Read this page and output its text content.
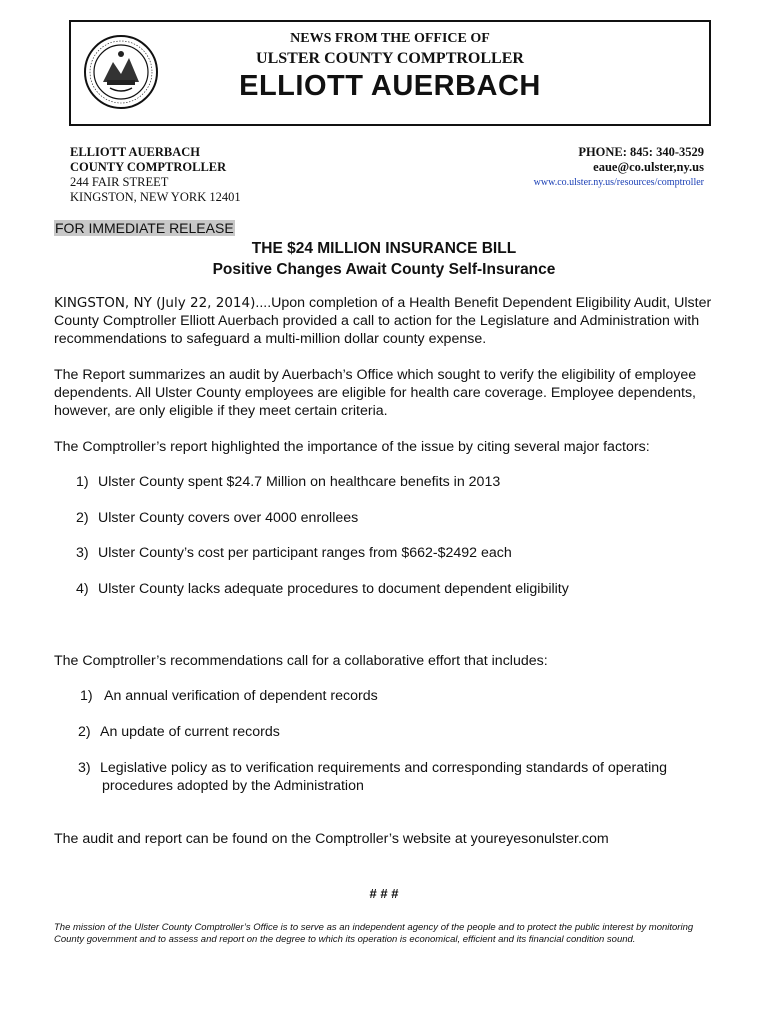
NEWS FROM THE OFFICE OF
ULSTER COUNTY COMPTROLLER
ELLIOTT AUERBACH
ELLIOTT AUERBACH
COUNTY COMPTROLLER
244 FAIR STREET
KINGSTON, NEW YORK 12401
PHONE: 845: 340-3529
eaue@co.ulster,ny.us
www.co.ulster.ny.us/resources/comptroller
FOR IMMEDIATE RELEASE
THE $24 MILLION INSURANCE BILL
Positive Changes Await County Self-Insurance
KINGSTON, NY (July 22, 2014)....Upon completion of a Health Benefit Dependent Eligibility Audit, Ulster County Comptroller Elliott Auerbach provided a call to action for the Legislature and Administration with recommendations to safeguard a multi-million dollar county expense.
The Report summarizes an audit by Auerbach’s Office which sought to verify the eligibility of employee dependents. All Ulster County employees are eligible for health care coverage. Employee dependents, however, are only eligible if they meet certain criteria.
The Comptroller’s report highlighted the importance of the issue by citing several major factors:
1) Ulster County spent $24.7 Million on healthcare benefits in 2013
2) Ulster County covers over 4000 enrollees
3) Ulster County’s cost per participant ranges from $662-$2492 each
4) Ulster County lacks adequate procedures to document dependent eligibility
The Comptroller’s recommendations call for a collaborative effort that includes:
1) An annual verification of dependent records
2) An update of current records
3) Legislative policy as to verification requirements and corresponding standards of operating
procedures adopted by the Administration
The audit and report can be found on the Comptroller’s website at youreyesonulster.com
# # #
The mission of the Ulster County Comptroller’s Office is to serve as an independent agency of the people and to protect the public interest by monitoring County government and to assess and report on the degree to which its operation is economical, efficient and its financial condition sound.
